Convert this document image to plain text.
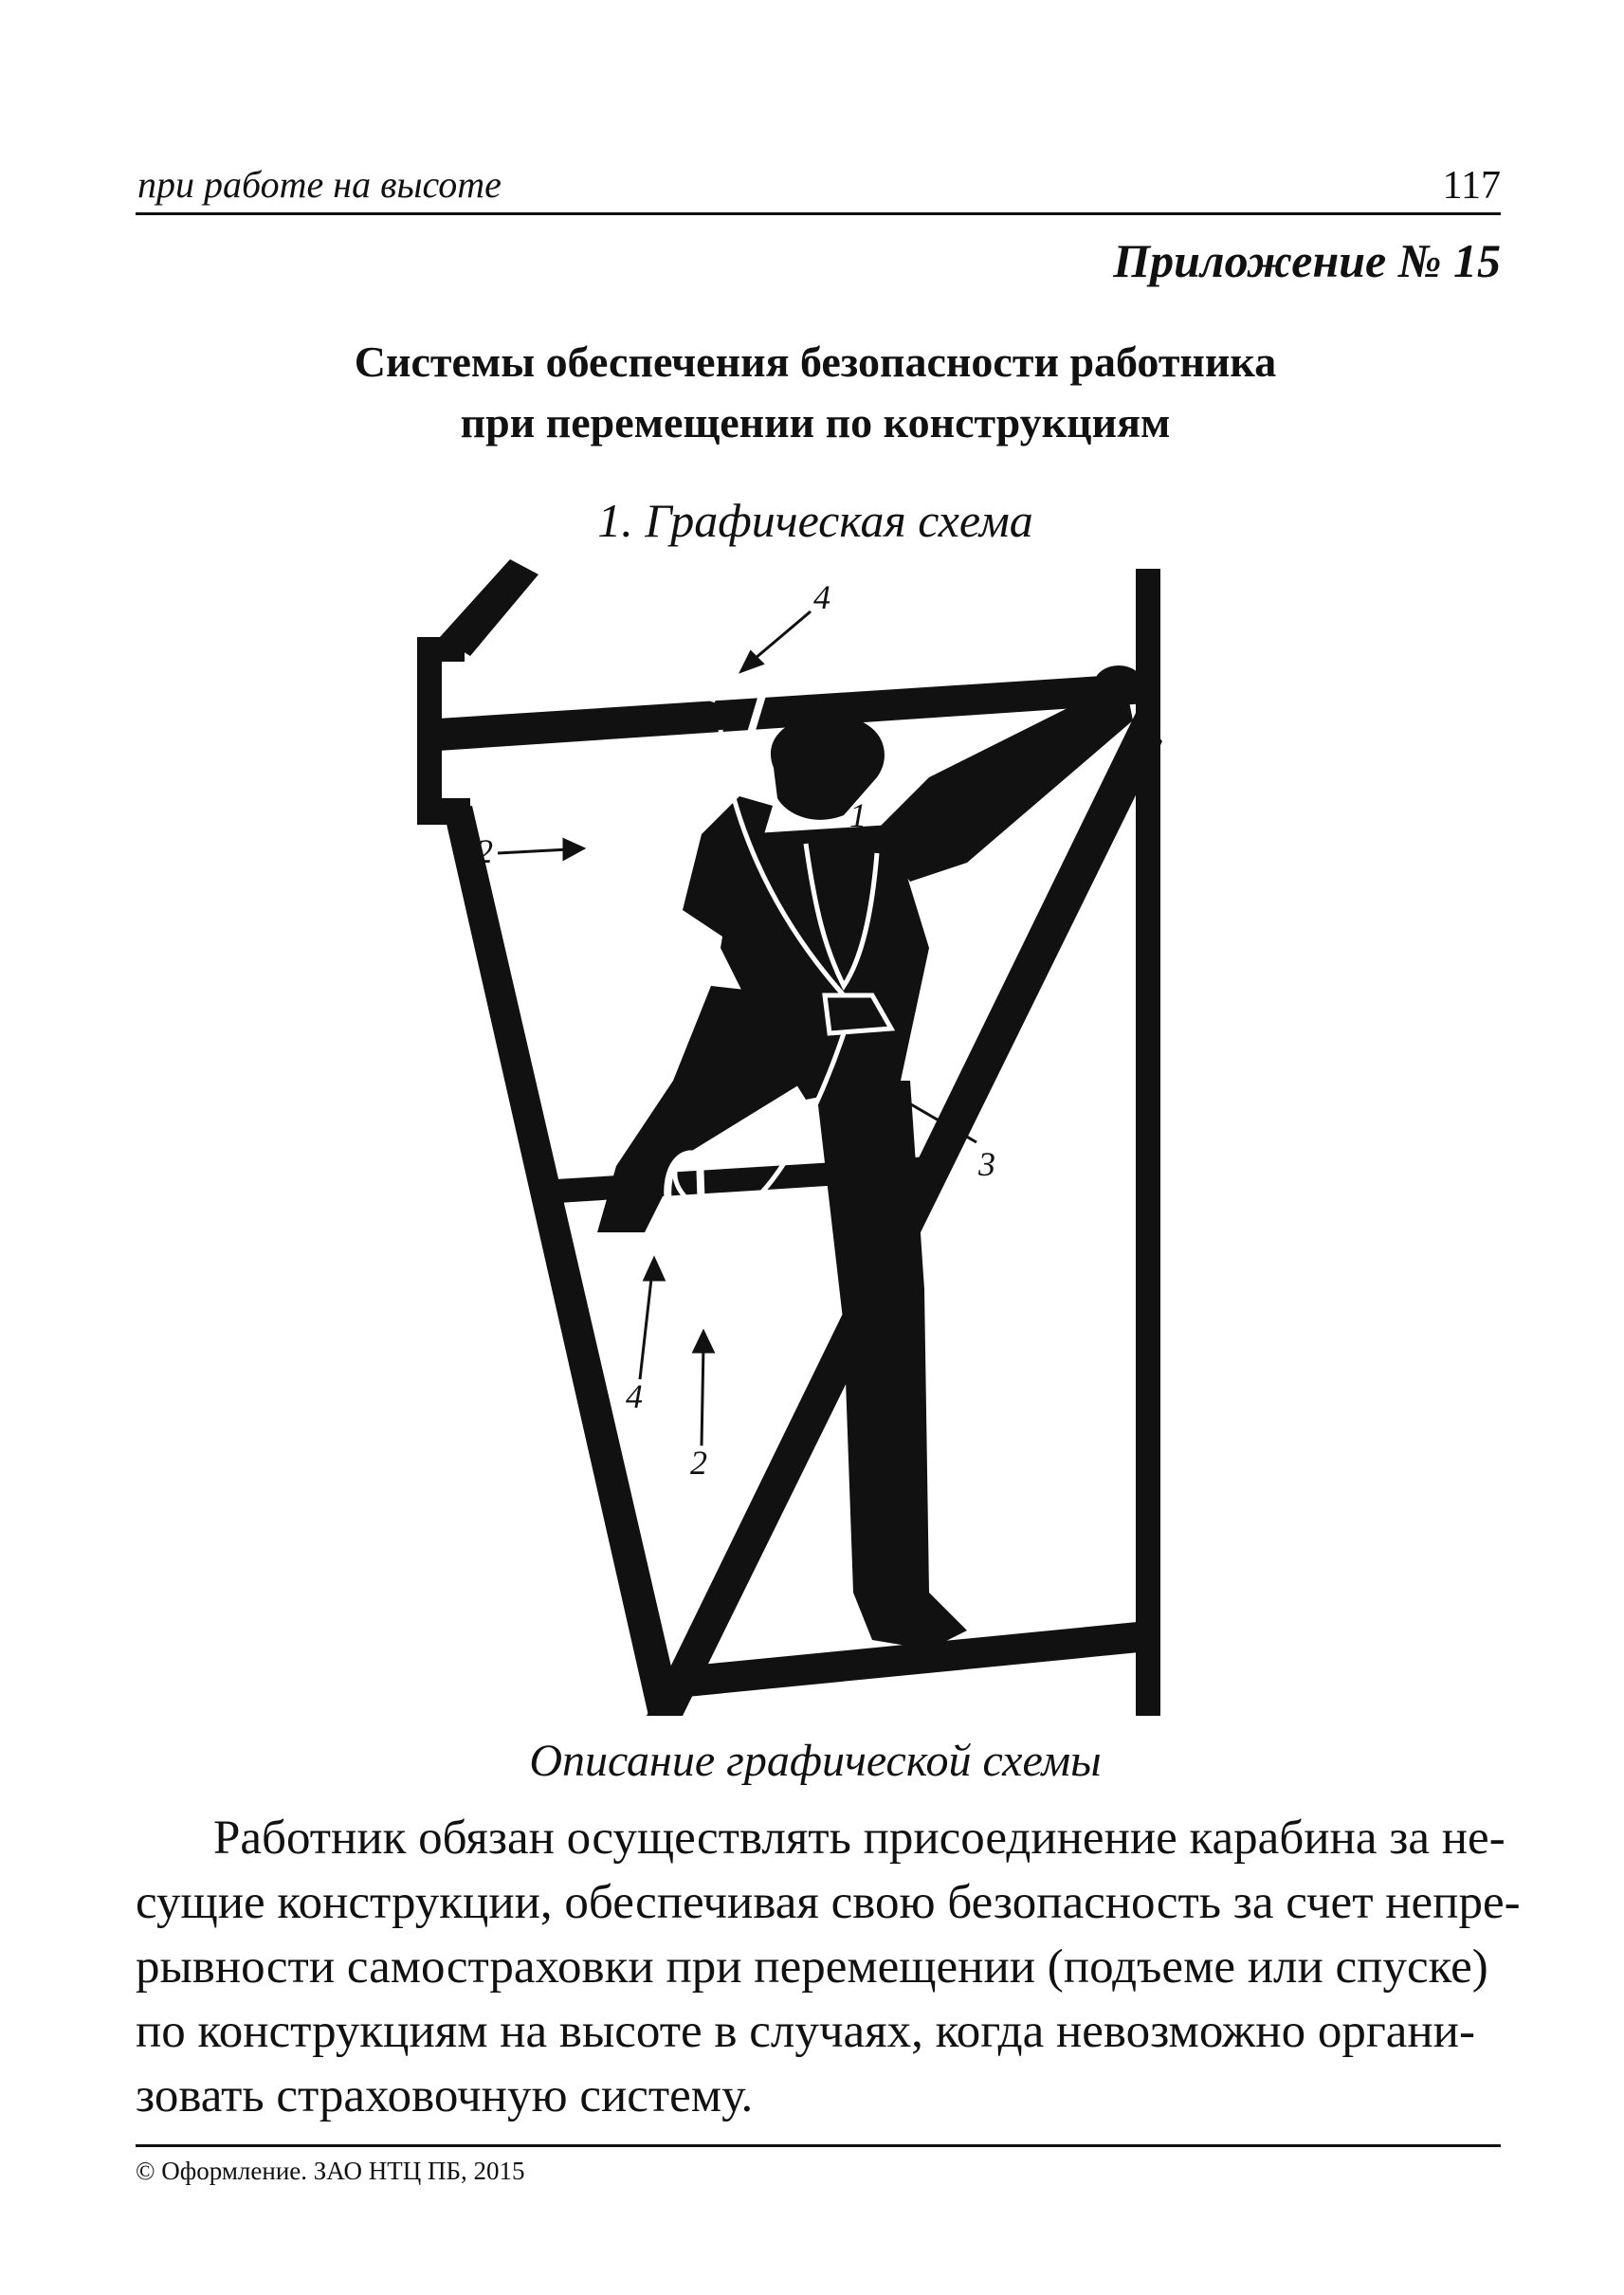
при работе на высоте	117
Приложение № 15
Системы обеспечения безопасности работника
при перемещении по конструкциям
1. Графическая схема
4
1
2
3
4
2
Описание графической схемы
Работник обязан осуществлять присоединение карабина за не-
сущие конструкции, обеспечивая свою безопасность за счет непре-
рывности самостраховки при перемещении (подъеме или спуске)
по конструкциям на высоте в случаях, когда невозможно органи-
зовать страховочную систему.
© Оформление. ЗАО НТЦ ПБ, 2015
